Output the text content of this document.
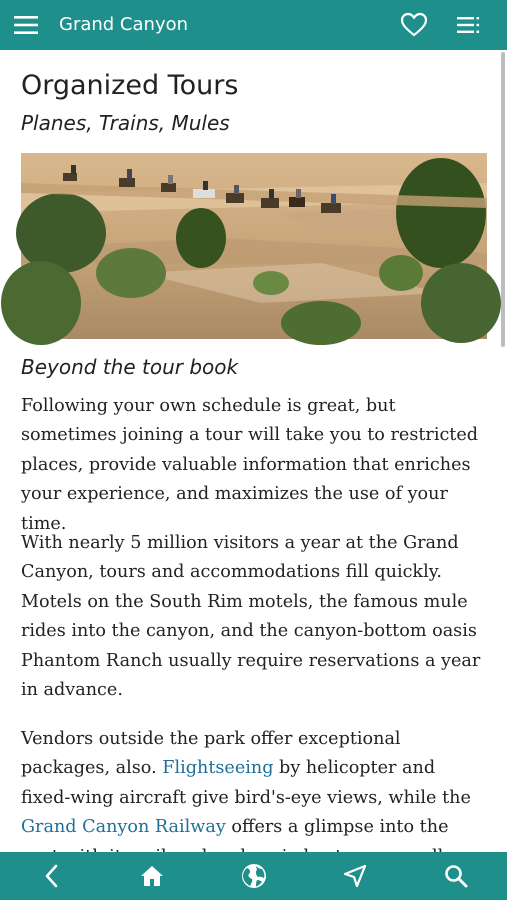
Grand Canyon
Organized Tours

Planes, Trains, Mules

Beyond the tour book

Following your own schedule is great, but sometimes joining a tour will take you to restricted places, provide valuable information that enriches your experience, and maximizes the use of your time.

With nearly 5 million visitors a year at the Grand Canyon, tours and accommodations fill quickly. Motels on the South Rim motels, the famous mule rides into the canyon, and the canyon-bottom oasis Phantom Ranch usually require reservations a year in advance.

Vendors outside the park offer exceptional packages, also. Flightseeing by helicopter and fixed-wing aircraft give bird's-eye views, while the Grand Canyon Railway offers a glimpse into the
